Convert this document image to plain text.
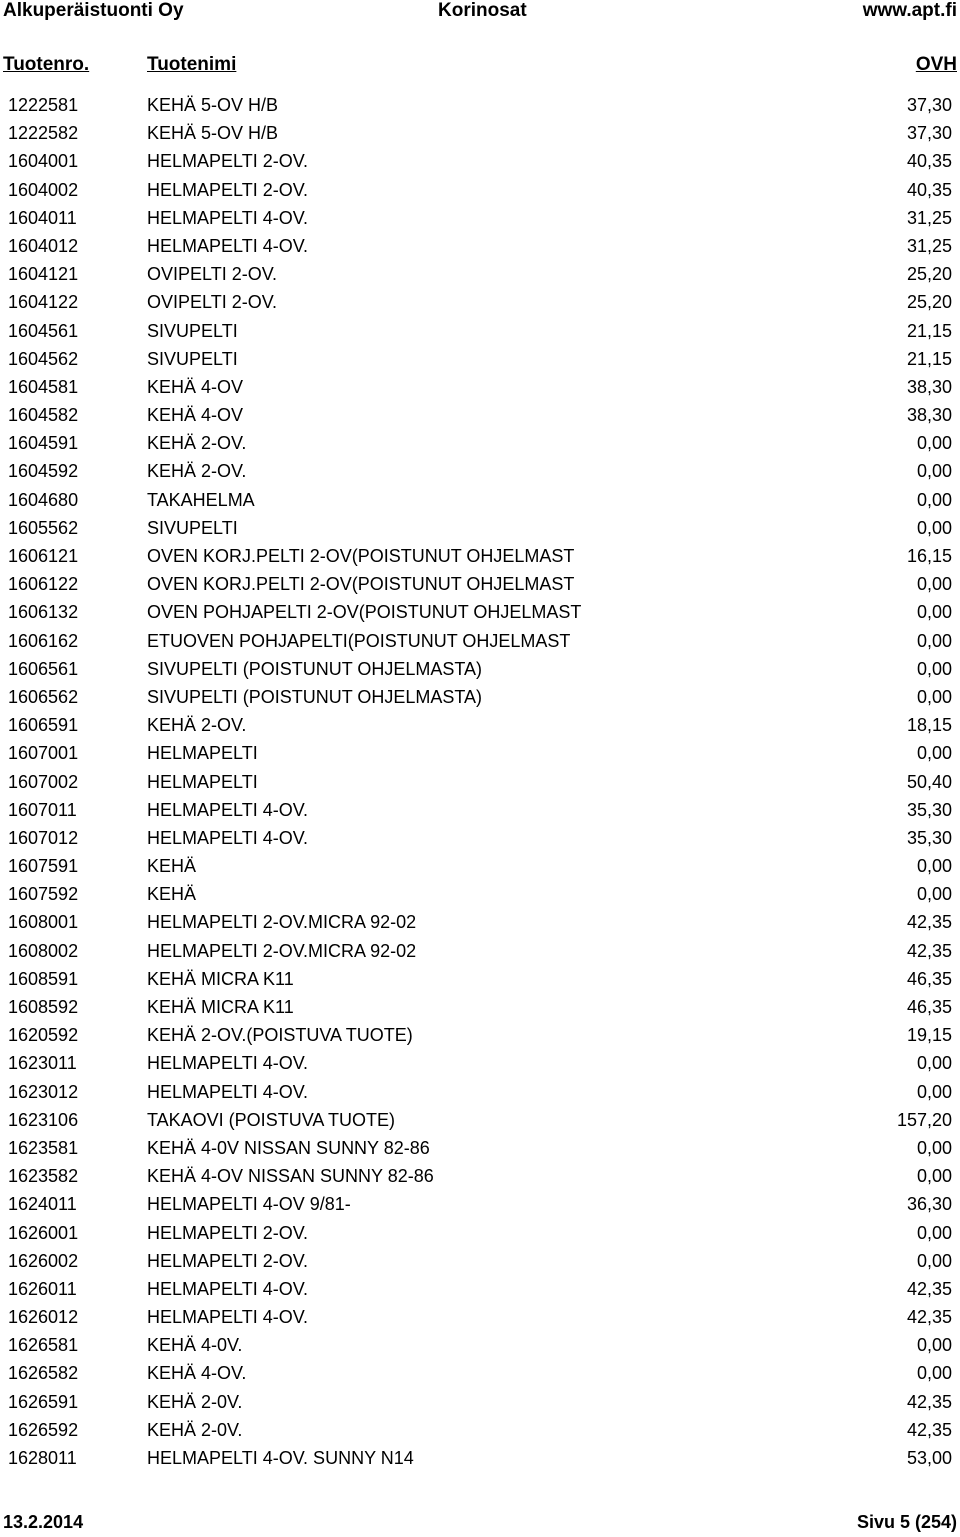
Alkuperäistuonti Oy	Korinosat	www.apt.fi
Tuotenro.	Tuotenimi	OVH
1222581	KEHÄ 5-OV H/B	37,30
1222582	KEHÄ 5-OV H/B	37,30
1604001	HELMAPELTI 2-OV.	40,35
1604002	HELMAPELTI 2-OV.	40,35
1604011	HELMAPELTI 4-OV.	31,25
1604012	HELMAPELTI 4-OV.	31,25
1604121	OVIPELTI 2-OV.	25,20
1604122	OVIPELTI 2-OV.	25,20
1604561	SIVUPELTI	21,15
1604562	SIVUPELTI	21,15
1604581	KEHÄ 4-OV	38,30
1604582	KEHÄ 4-OV	38,30
1604591	KEHÄ 2-OV.	0,00
1604592	KEHÄ 2-OV.	0,00
1604680	TAKAHELMA	0,00
1605562	SIVUPELTI	0,00
1606121	OVEN KORJ.PELTI 2-OV(POISTUNUT OHJELMAST	16,15
1606122	OVEN KORJ.PELTI 2-OV(POISTUNUT OHJELMAST	0,00
1606132	OVEN POHJAPELTI 2-OV(POISTUNUT OHJELMAST	0,00
1606162	ETUOVEN POHJAPELTI(POISTUNUT OHJELMAST	0,00
1606561	SIVUPELTI (POISTUNUT OHJELMASTA)	0,00
1606562	SIVUPELTI (POISTUNUT OHJELMASTA)	0,00
1606591	KEHÄ 2-OV.	18,15
1607001	HELMAPELTI	0,00
1607002	HELMAPELTI	50,40
1607011	HELMAPELTI 4-OV.	35,30
1607012	HELMAPELTI 4-OV.	35,30
1607591	KEHÄ	0,00
1607592	KEHÄ	0,00
1608001	HELMAPELTI 2-OV.MICRA 92-02	42,35
1608002	HELMAPELTI 2-OV.MICRA 92-02	42,35
1608591	KEHÄ MICRA K11	46,35
1608592	KEHÄ MICRA K11	46,35
1620592	KEHÄ 2-OV.(POISTUVA TUOTE)	19,15
1623011	HELMAPELTI 4-OV.	0,00
1623012	HELMAPELTI 4-OV.	0,00
1623106	TAKAOVI (POISTUVA TUOTE)	157,20
1623581	KEHÄ 4-0V NISSAN SUNNY 82-86	0,00
1623582	KEHÄ 4-OV NISSAN SUNNY 82-86	0,00
1624011	HELMAPELTI 4-OV 9/81-	36,30
1626001	HELMAPELTI 2-OV.	0,00
1626002	HELMAPELTI 2-OV.	0,00
1626011	HELMAPELTI 4-OV.	42,35
1626012	HELMAPELTI 4-OV.	42,35
1626581	KEHÄ 4-0V.	0,00
1626582	KEHÄ 4-OV.	0,00
1626591	KEHÄ 2-0V.	42,35
1626592	KEHÄ 2-0V.	42,35
1628011	HELMAPELTI 4-OV. SUNNY N14	53,00
13.2.2014	Sivu 5 (254)
